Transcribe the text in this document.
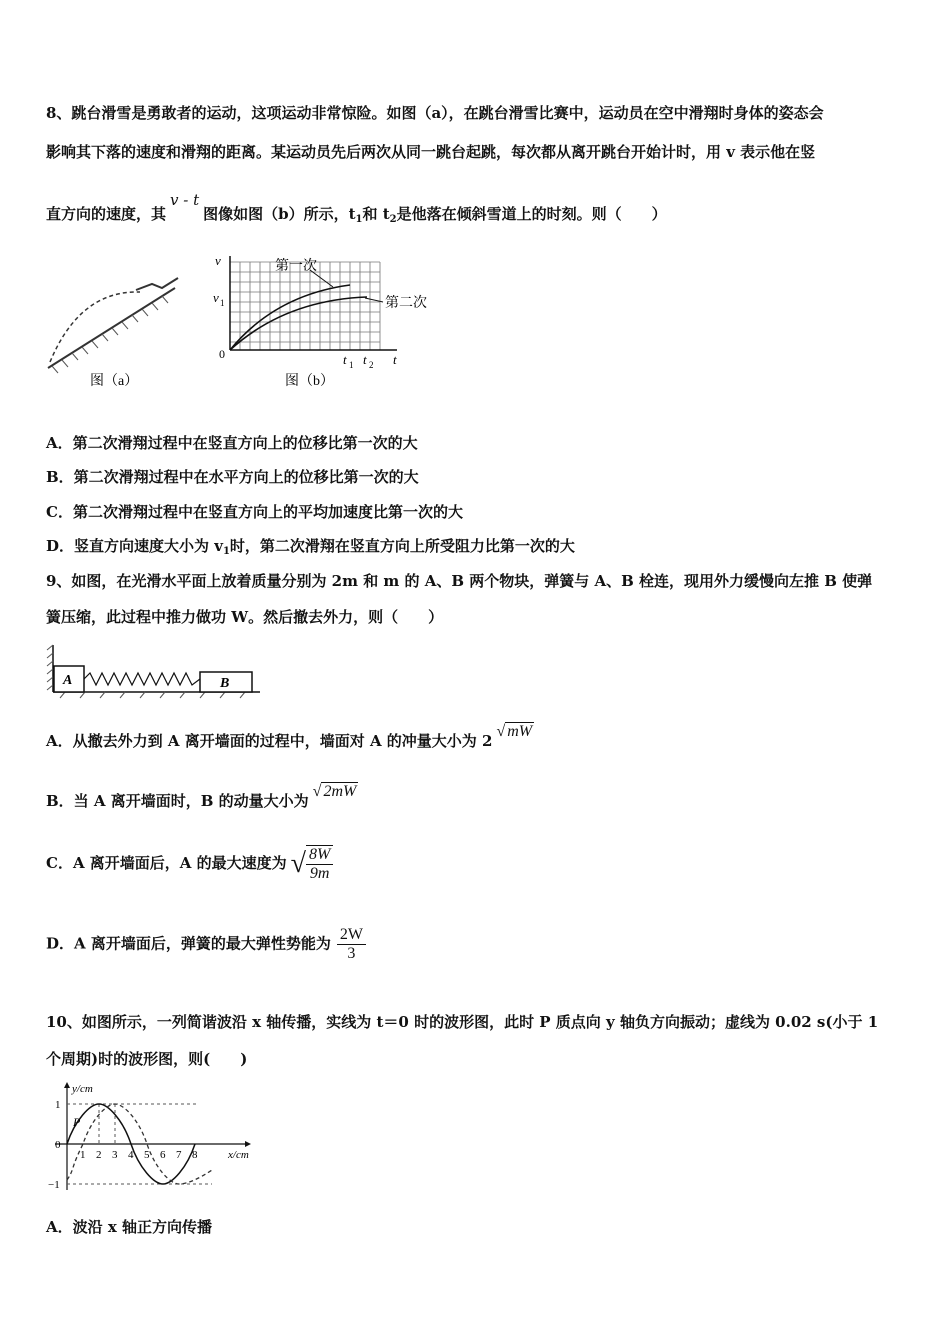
8、跳台滑雪是勇敢者的运动，这项运动非常惊险。如图（a），在跳台滑雪比赛中，运动员在空中滑翔时身体的姿态会
影响其下落的速度和滑翔的距离。某运动员先后两次从同一跳台起跳，每次都从离开跳台开始计时，用 v 表示他在竖
直方向的速度，其v - t图像如图（b）所示，$t_1$和 $t_2$是他落在倾斜雪道上的时刻。则（　　）
图（a）
第一次
第二次
v
v 1
0	t 1 t 2 t
图（b）
A．第二次滑翔过程中在竖直方向上的位移比第一次的大
B．第二次滑翔过程中在水平方向上的位移比第一次的大
C．第二次滑翔过程中在竖直方向上的平均加速度比第一次的大
D．竖直方向速度大小为 $v_1$时，第二次滑翔在竖直方向上所受阻力比第一次的大
9、如图，在光滑水平面上放着质量分别为 2m 和 m 的 A、B 两个物块，弹簧与 A、B 栓连，现用外力缓慢向左推 B 使弹
簧压缩，此过程中推力做功 W。然后撤去外力，则（　　）
A	B
A．从撤去外力到 A 离开墙面的过程中，墙面对 A 的冲量大小为 2√ mW
B．当 A 离开墙面时，B 的动量大小为√ 2mW
C．A 离开墙面后，A 的最大速度为 √ $\frac{8W}{9m}$
D．A 离开墙面后，弹簧的最大弹性势能为 $\frac{2W}{3}$
10、如图所示，一列简谐波沿 x 轴传播，实线为 t＝0 时的波形图，此时 P 质点向 y 轴负方向振动；虚线为 0.02 s(小于 1
个周期)时的波形图，则(　　)
y/cm
x/cm
P
1
0
−1
1 2 3 4 5 6 7 8
A．波沿 x 轴正方向传播
